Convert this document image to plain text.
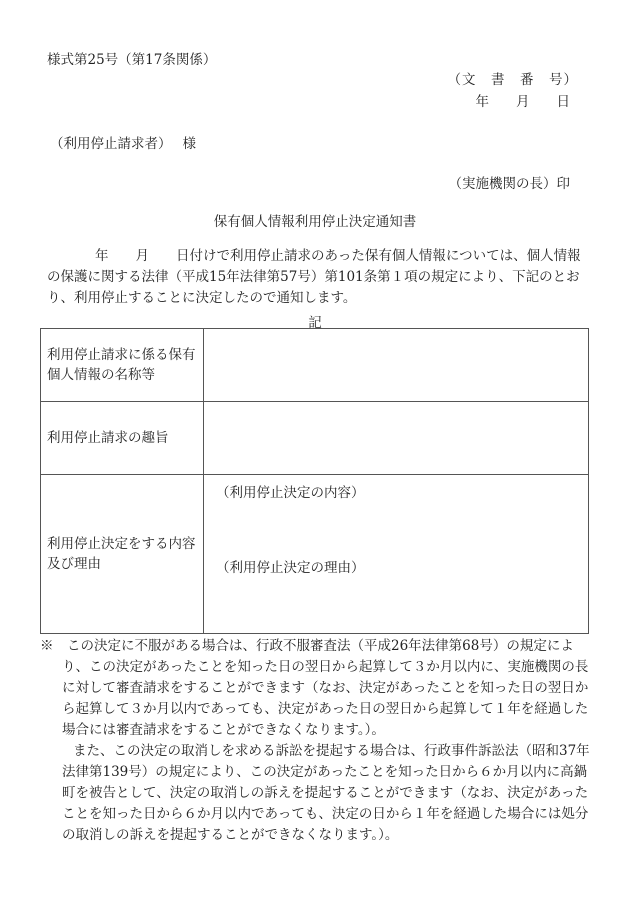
様式第25号（第17条関係）
（文　書　番　号）
年　　月　　日
（利用停止請求者）　 様
（実施機関の長）印
保有個人情報利用停止決定通知書
年　　月　　日付けで利用停止請求のあった保有個人情報については、個人情報の保護に関する法律（平成15年法律第57号）第101条第１項の規定により、下記のとおり、利用停止することに決定したので通知します。
記
利用停止請求に係る保有個人情報の名称等	
利用停止請求の趣旨	
利用停止決定をする内容及び理由	（利用停止決定の内容）
（利用停止決定の理由）

※　この決定に不服がある場合は、行政不服審査法（平成26年法律第68号）の規定により、この決定があったことを知った日の翌日から起算して３か月以内に、実施機関の長に対して審査請求をすることができます（なお、決定があったことを知った日の翌日から起算して３か月以内であっても、決定があった日の翌日から起算して１年を経過した場合には審査請求をすることができなくなります。）。

また、この決定の取消しを求める訴訟を提起する場合は、行政事件訴訟法（昭和37年法律第139号）の規定により、この決定があったことを知った日から６か月以内に高鍋町を被告として、決定の取消しの訴えを提起することができます（なお、決定があったことを知った日から６か月以内であっても、決定の日から１年を経過した場合には処分の取消しの訴えを提起することができなくなります。）。
